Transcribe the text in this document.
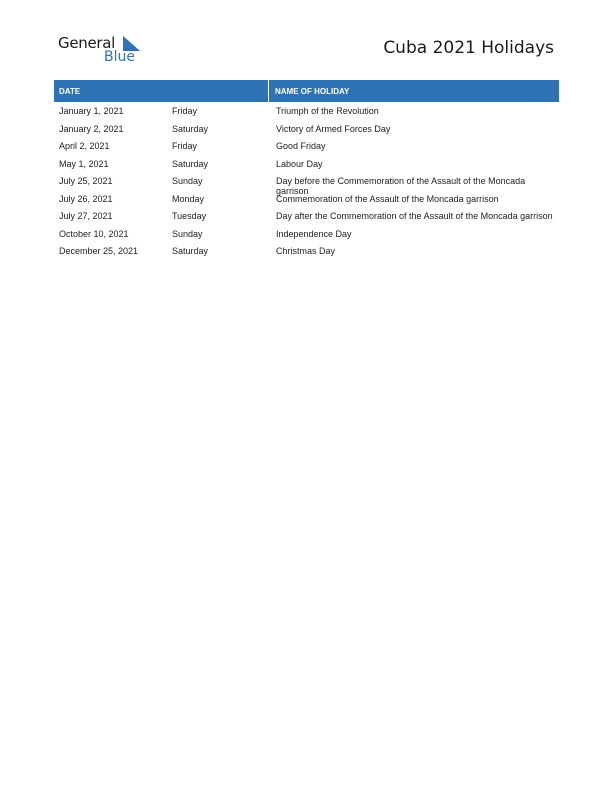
General
Blue	Cuba 2021 Holidays
DATE	NAME OF HOLIDAY
January 1, 2021	Friday	Triumph of the Revolution
January 2, 2021	Saturday	Victory of Armed Forces Day
April 2, 2021	Friday	Good Friday
May 1, 2021	Saturday	Labour Day
July 25, 2021	Sunday	Day before the Commemoration of the Assault of the Moncada garrison
July 26, 2021	Monday	Commemoration of the Assault of the Moncada garrison
July 27, 2021	Tuesday	Day after the Commemoration of the Assault of the Moncada garrison
October 10, 2021	Sunday	Independence Day
December 25, 2021	Saturday	Christmas Day
